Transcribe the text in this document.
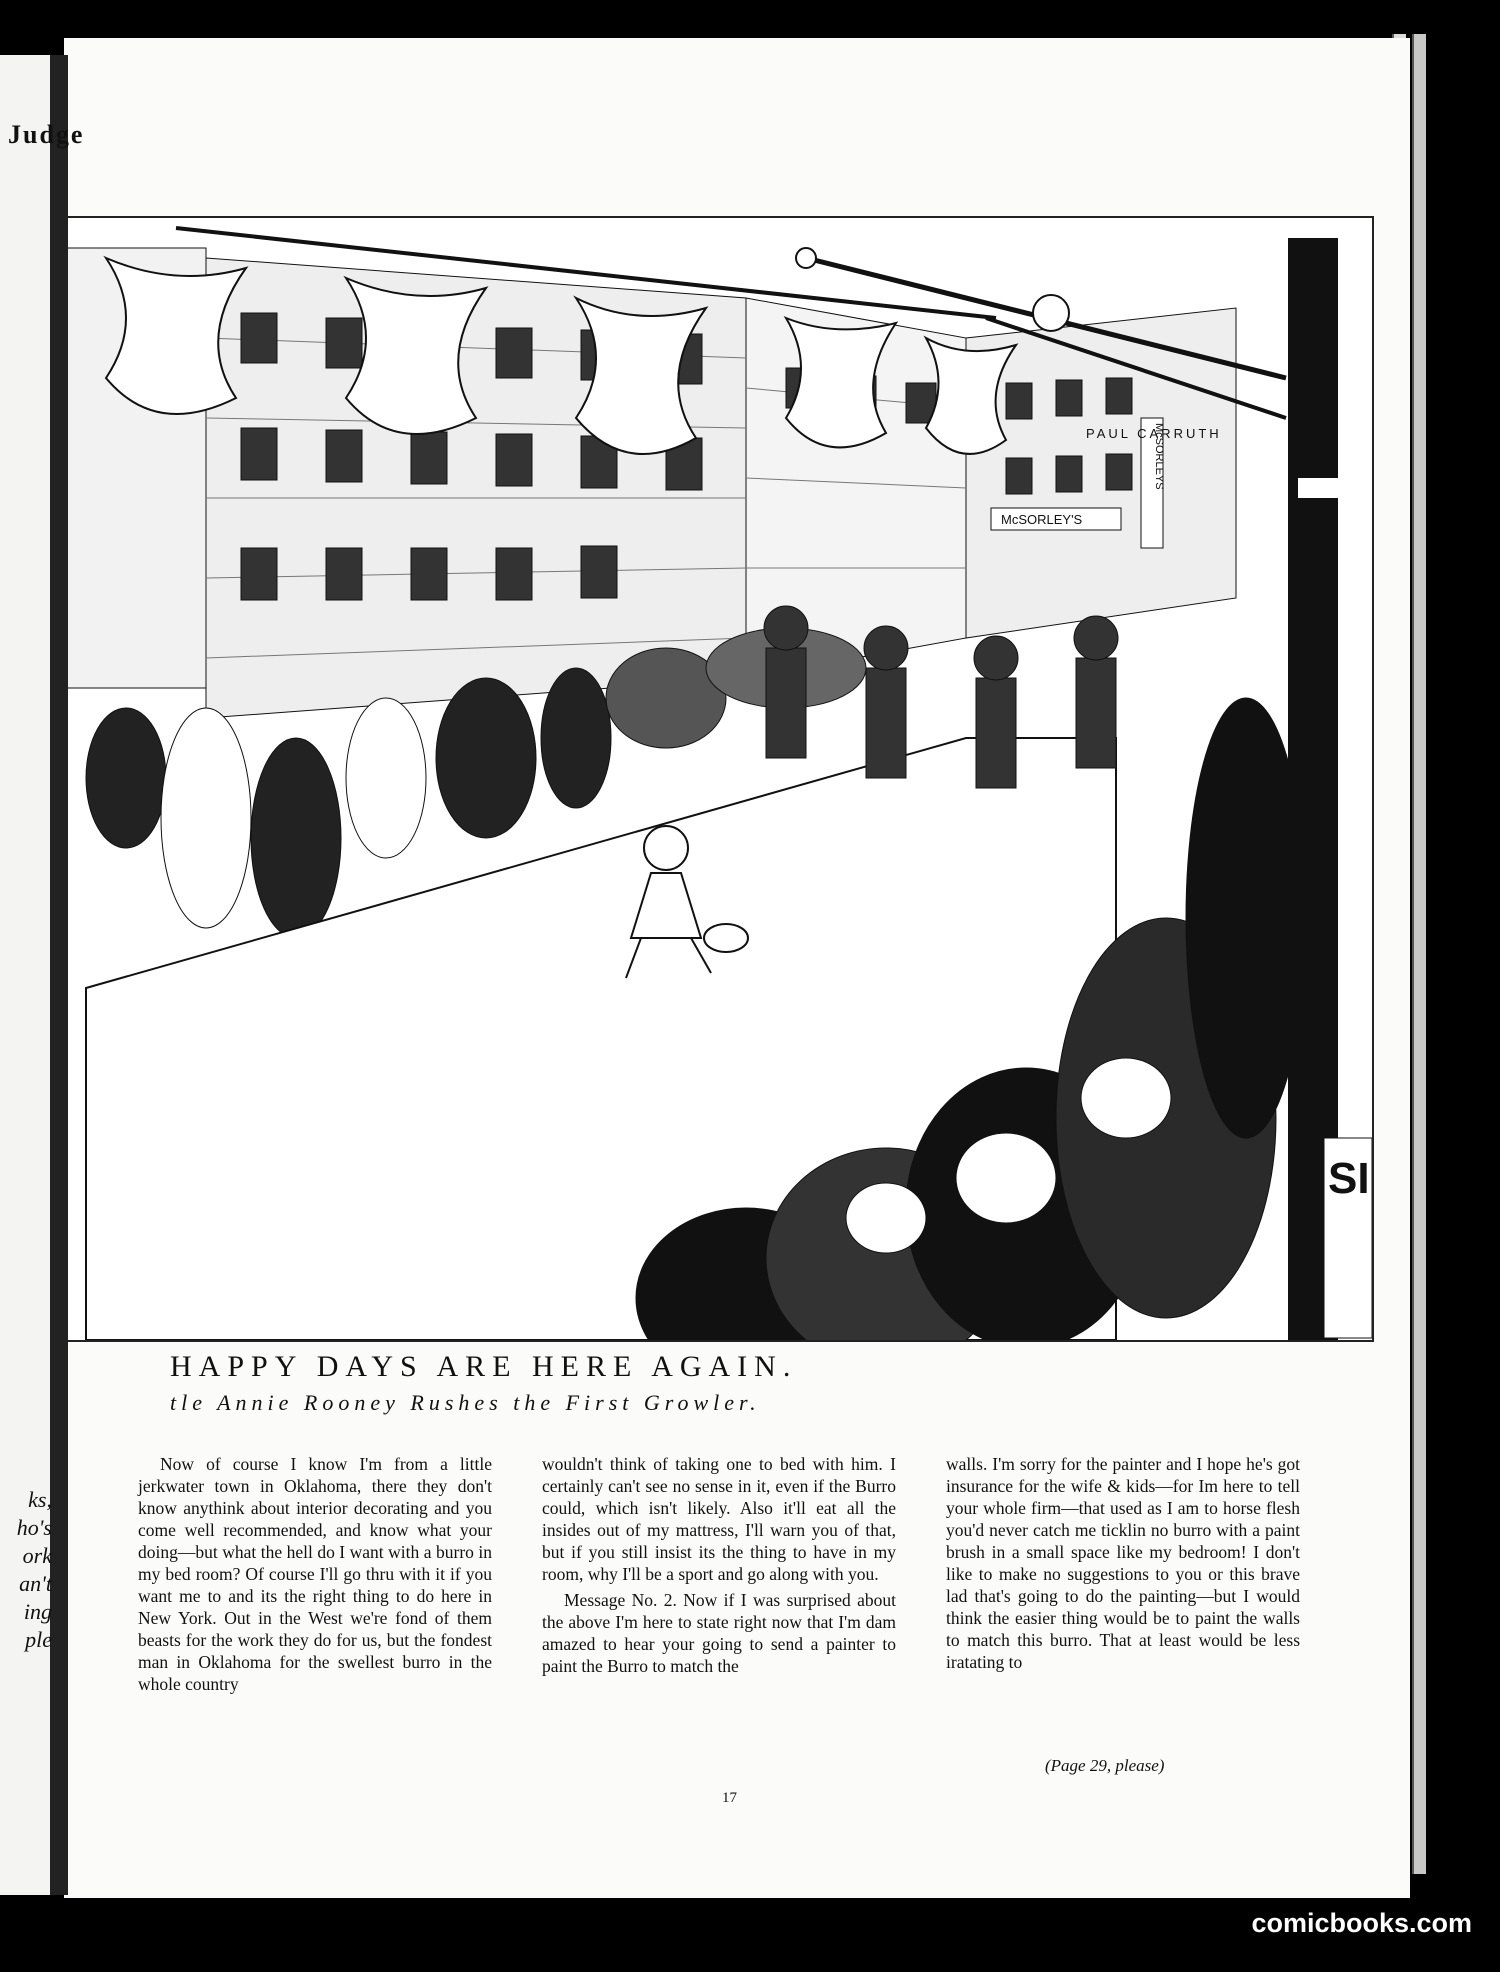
McSORLEY'S
McSORLEYS
SI
PAUL CARRUTH
HAPPY DAYS ARE HERE AGAIN.
tle Annie Rooney Rushes the First Growler.

Now of course I know I'm from a little jerkwater town in Oklahoma, there they don't know anythink about interior decorating and you come well recommended, and know what your doing—but what the hell do I want with a burro in my bed room? Of course I'll go thru with it if you want me to and its the right thing to do here in New York. Out in the West we're fond of them beasts for the work they do for us, but the fondest man in Oklahoma for the swellest burro in the whole country

wouldn't think of taking one to bed with him. I certainly can't see no sense in it, even if the Burro could, which isn't likely. Also it'll eat all the insides out of my mattress, I'll warn you of that, but if you still insist its the thing to have in my room, why I'll be a sport and go along with you.

Message No. 2. Now if I was surprised about the above I'm here to state right now that I'm dam amazed to hear your going to send a painter to paint the Burro to match the

walls. I'm sorry for the painter and I hope he's got insurance for the wife & kids—for Im here to tell your whole firm—that used as I am to horse flesh you'd never catch me ticklin no burro with a paint brush in a small space like my bedroom! I don't like to make no suggestions to you or this brave lad that's going to do the painting—but I would think the easier thing would be to paint the walls to match this burro. That at least would be less iratating to

(Page 29, please)
17
Judge
ks,
ho's
ork
an't
ing
ple
comicbooks.com
